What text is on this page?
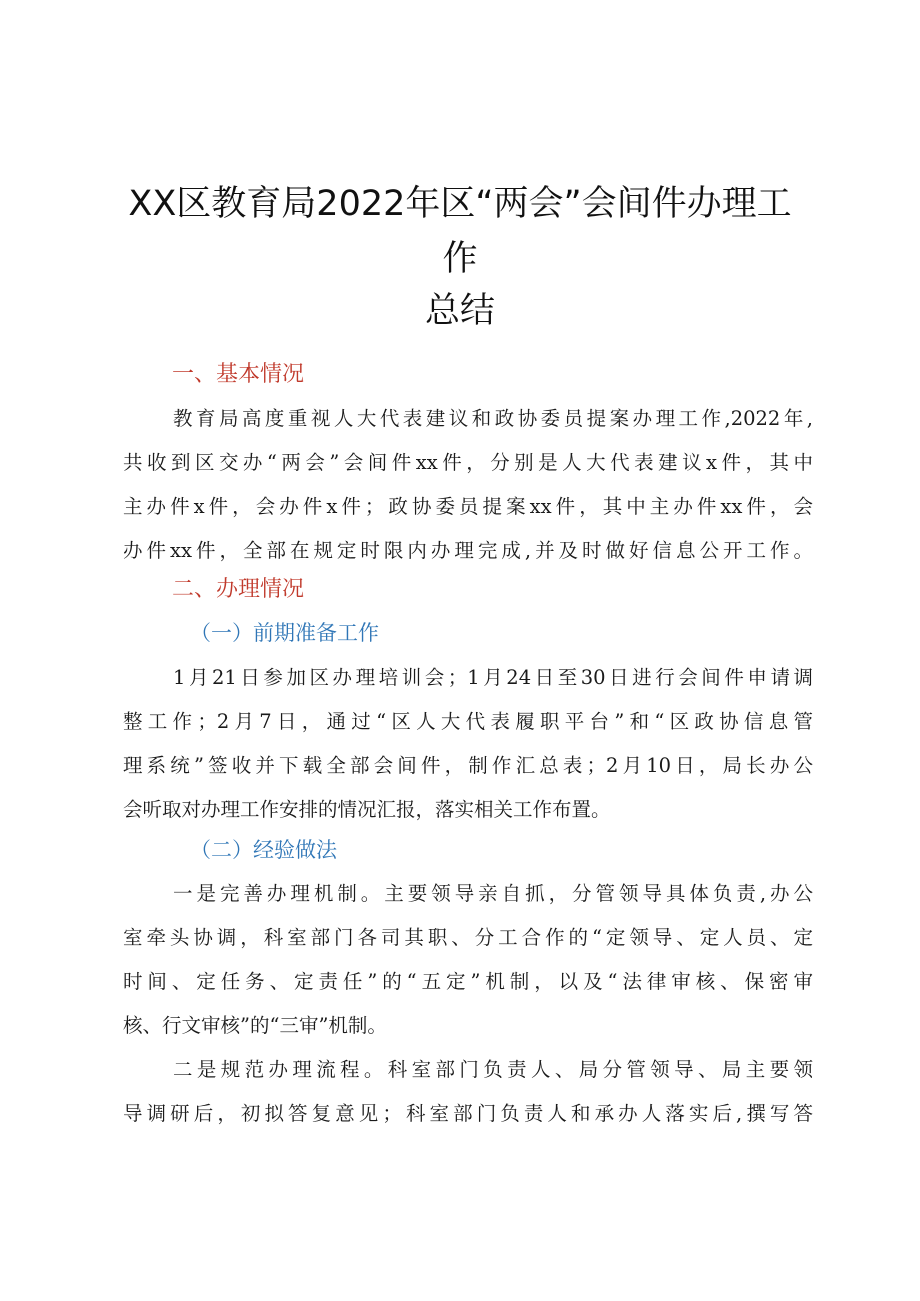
XX区教育局2022年区“两会”会间件办理工
作
总结
一、基本情况
教育局高度重视人大代表建议和政协委员提案办理工作,2022年,
共收到区交办“两会”会间件xx件，分别是人大代表建议x件，其中
主办件x件，会办件x件；政协委员提案xx件，其中主办件xx件，会
办件xx件，全部在规定时限内办理完成,并及时做好信息公开工作。
二、办理情况
（一）前期准备工作
1月21日参加区办理培训会；1月24日至30日进行会间件申请调
整工作；2月7日，通过“区人大代表履职平台”和“区政协信息管
理系统”签收并下载全部会间件，制作汇总表；2月10日，局长办公
会听取对办理工作安排的情况汇报，落实相关工作布置。
（二）经验做法
一是完善办理机制。主要领导亲自抓，分管领导具体负责,办公
室牵头协调，科室部门各司其职、分工合作的“定领导、定人员、定
时间、定任务、定责任”的“五定”机制，以及“法律审核、保密审
核、行文审核”的“三审”机制。
二是规范办理流程。科室部门负责人、局分管领导、局主要领
导调研后，初拟答复意见；科室部门负责人和承办人落实后,撰写答
